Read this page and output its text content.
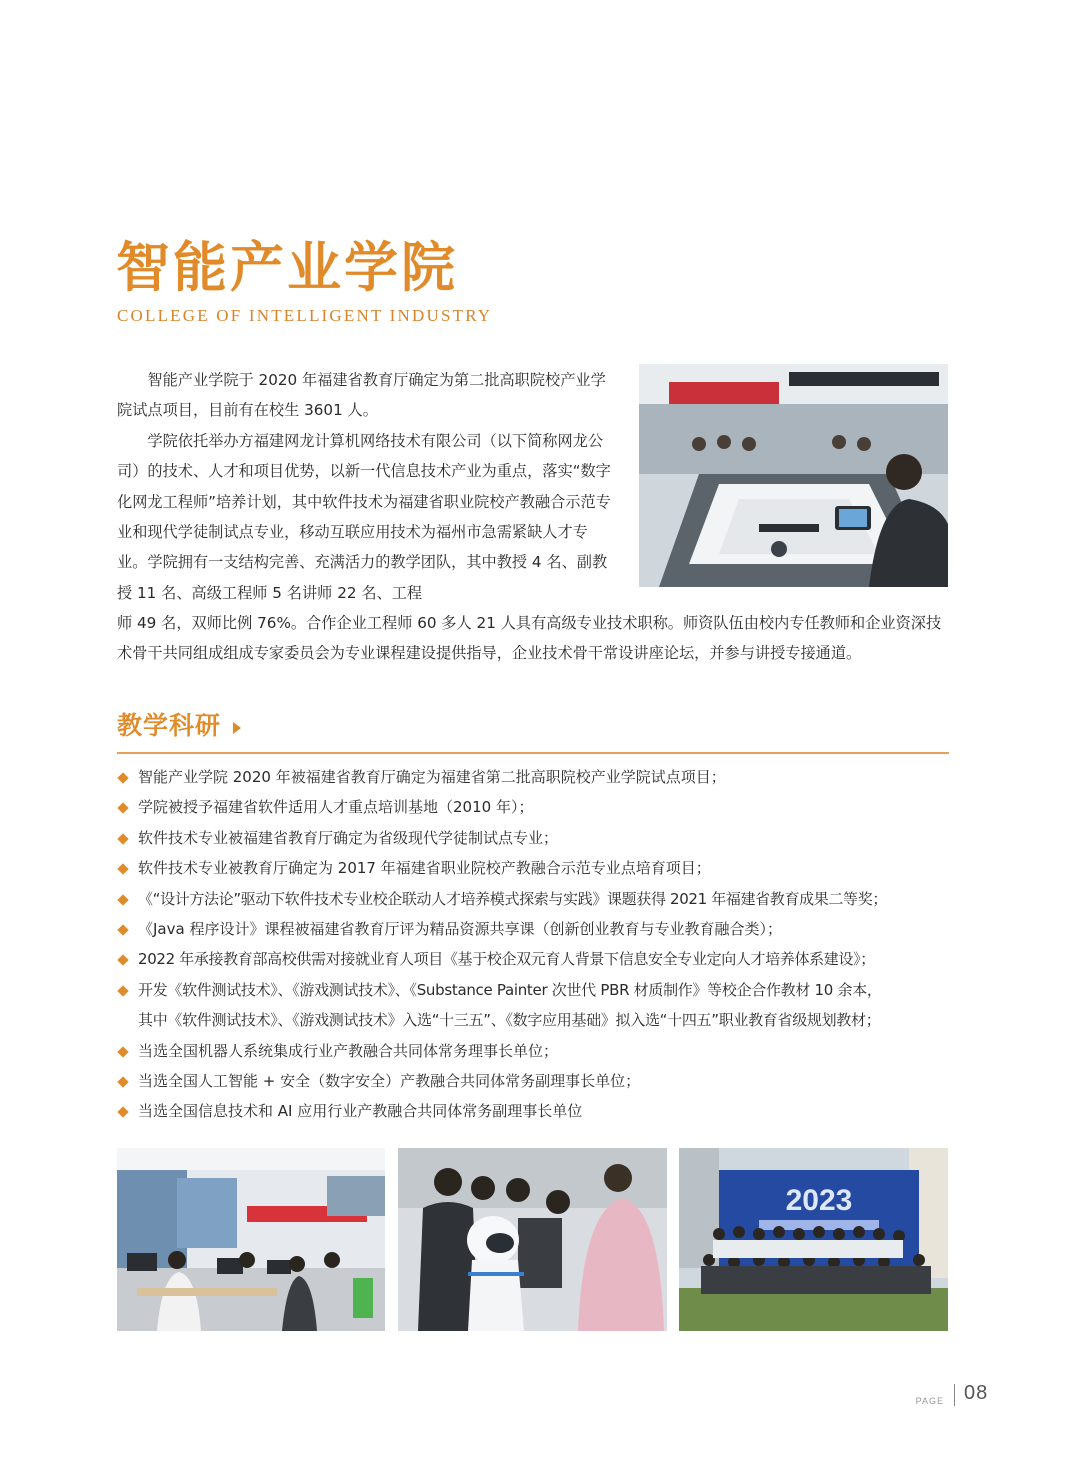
智能产业学院
COLLEGE OF INTELLIGENT INDUSTRY

智能产业学院于 2020 年福建省教育厅确定为第二批高职院校产业学院试点项目，目前有在校生 3601 人。

学院依托举办方福建网龙计算机网络技术有限公司（以下简称网龙公司）的技术、人才和项目优势，以新一代信息技术产业为重点，落实“数字化网龙工程师”培养计划，其中软件技术为福建省职业院校产教融合示范专业和现代学徒制试点专业，移动互联应用技术为福州市急需紧缺人才专业。学院拥有一支结构完善、充满活力的教学团队，其中教授 4 名、副教授 11 名、高级工程师 5 名讲师 22 名、工程

师 49 名，双师比例 76%。合作企业工程师 60 多人 21 人具有高级专业技术职称。师资队伍由校内专任教师和企业资深技术骨干共同组成组成专家委员会为专业课程建设提供指导，企业技术骨干常设讲座论坛，并参与讲授专接通道。

教学科研
智能产业学院 2020 年被福建省教育厅确定为福建省第二批高职院校产业学院试点项目；
学院被授予福建省软件适用人才重点培训基地（2010 年）；
软件技术专业被福建省教育厅确定为省级现代学徒制试点专业；
软件技术专业被教育厅确定为 2017 年福建省职业院校产教融合示范专业点培育项目；
《“设计方法论”驱动下软件技术专业校企联动人才培养模式探索与实践》课题获得 2021 年福建省教育成果二等奖；
《Java 程序设计》课程被福建省教育厅评为精品资源共享课（创新创业教育与专业教育融合类）；
2022 年承接教育部高校供需对接就业育人项目《基于校企双元育人背景下信息安全专业定向人才培养体系建设》；
开发《软件测试技术》、《游戏测试技术》、《Substance Painter 次世代 PBR 材质制作》等校企合作教材 10 余本，
其中《软件测试技术》、《游戏测试技术》入选“十三五”、《数字应用基础》拟入选“十四五”职业教育省级规划教材；
当选全国机器人系统集成行业产教融合共同体常务理事长单位；
当选全国人工智能 + 安全（数字安全）产教融合共同体常务副理事长单位；
当选全国信息技术和 AI 应用行业产教融合共同体常务副理事长单位
2023
PAGE 08
